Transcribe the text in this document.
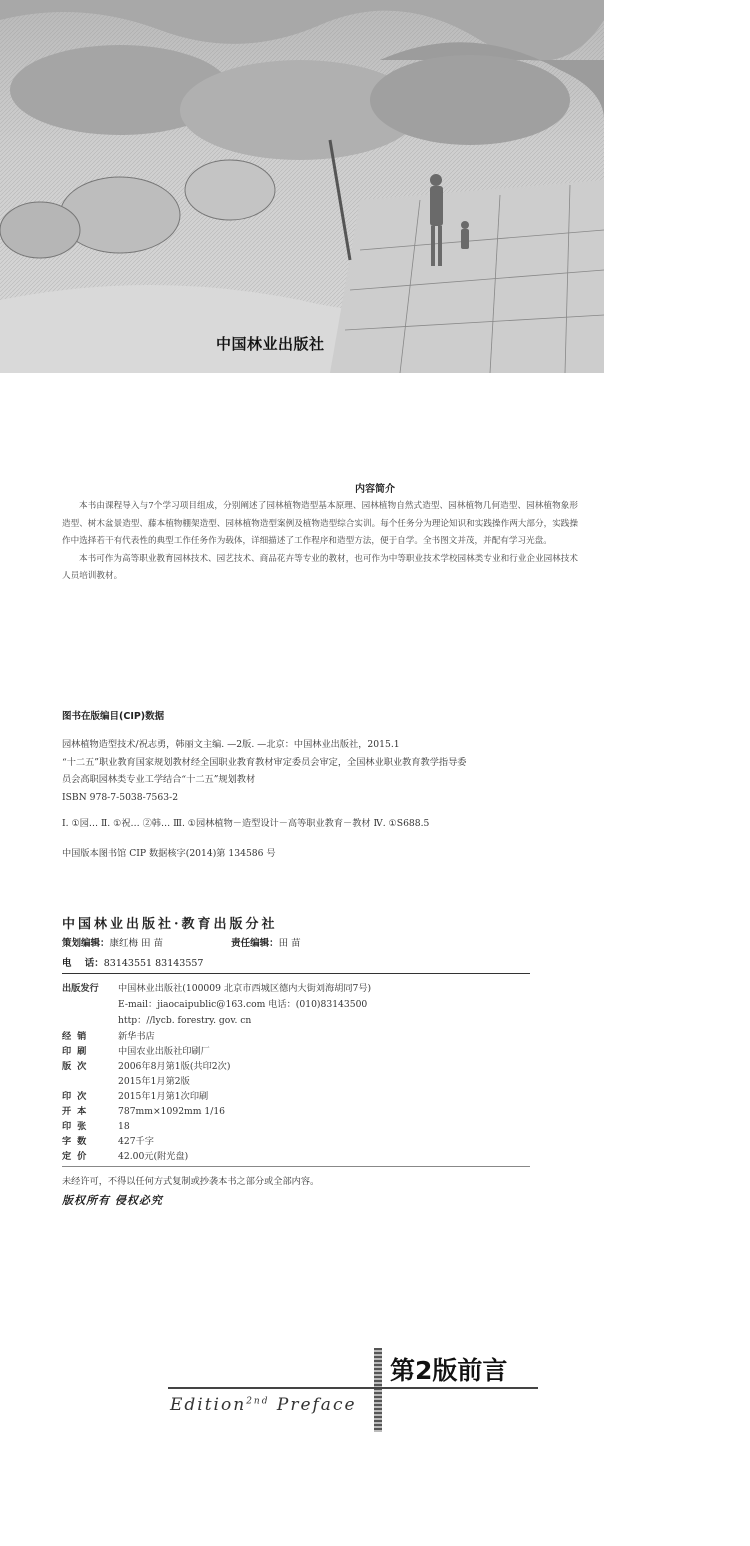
中国林业出版社
内容简介

本书由课程导入与7个学习项目组成，分别阐述了园林植物造型基本原理、园林植物自然式造型、园林植物几何造型、园林植物象形造型、树木盆景造型、藤本植物棚架造型、园林植物造型案例及植物造型综合实训。每个任务分为理论知识和实践操作两大部分，实践操作中选择若干有代表性的典型工作任务作为载体，详细描述了工作程序和造型方法，便于自学。全书图文并茂，并配有学习光盘。

本书可作为高等职业教育园林技术、园艺技术、商品花卉等专业的教材，也可作为中等职业技术学校园林类专业和行业企业园林技术人员培训教材。

图书在版编目(CIP)数据
园林植物造型技术/祝志勇，韩丽文主编. —2版. —北京：中国林业出版社，2015.1
“十二五”职业教育国家规划教材经全国职业教育教材审定委员会审定，全国林业职业教育教学指导委
员会高职园林类专业工学结合“十二五”规划教材
ISBN 978-7-5038-7563-2
Ⅰ. ①园… Ⅱ. ①祝… ②韩… Ⅲ. ①园林植物－造型设计－高等职业教育－教材 Ⅳ. ①S688.5
中国版本图书馆 CIP 数据核字(2014)第 134586 号
中国林业出版社·教育出版分社
策划编辑：康红梅 田 苗	责任编辑：田 苗
电    话：83143551 83143557
出版发行 中国林业出版社(100009 北京市西城区德内大街刘海胡同7号)
E-mail：jiaocaipublic@163.com 电话：(010)83143500
http：//lycb. forestry. gov. cn
经销	新华书店
印刷	中国农业出版社印刷厂
版次	2006年8月第1版(共印2次)
2015年1月第2版
印次	2015年1月第1次印刷
开本	787mm×1092mm 1/16
印张	18
字数	427千字
定价	42.00元(附光盘)
未经许可，不得以任何方式复制或抄袭本书之部分或全部内容。
版权所有 侵权必究
第2版前言
Edition$^{2nd}$ Preface
